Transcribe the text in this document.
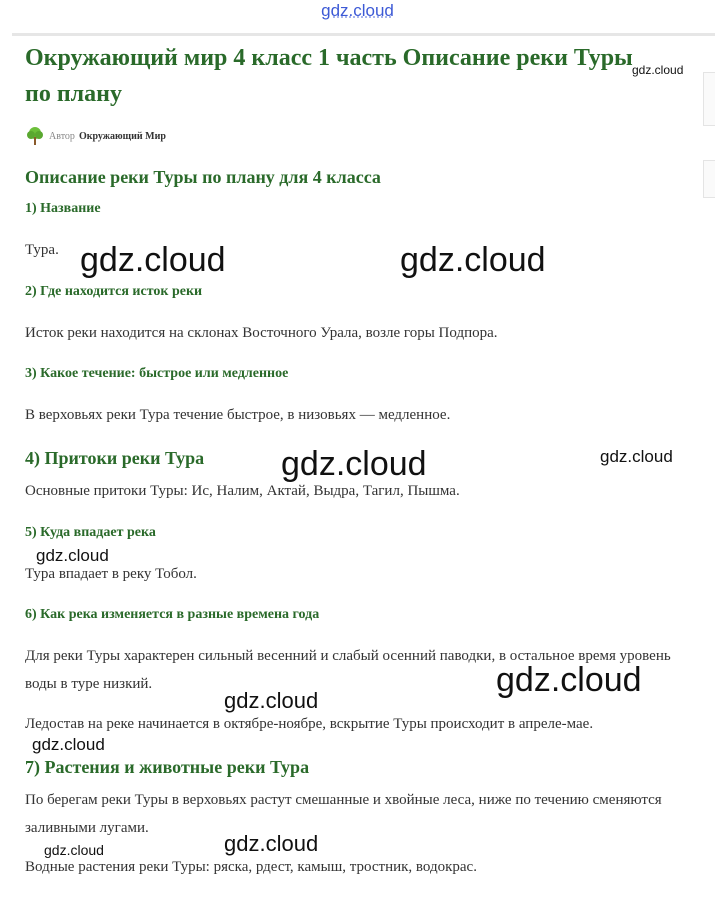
gdz.cloud
Окружающий мир 4 класс 1 часть Описание реки Туры по плану
Автор Окружающий Мир
Описание реки Туры по плану для 4 класса
1) Название

Тура.

2) Где находится исток реки

Исток реки находится на склонах Восточного Урала, возле горы Подпора.

3) Какое течение: быстрое или медленное

В верховьях реки Тура течение быстрое, в низовьях — медленное.

4) Притоки реки Тура

Основные притоки Туры: Ис, Налим, Актай, Выдра, Тагил, Пышма.

5) Куда впадает река

Тура впадает в реку Тобол.

6) Как река изменяется в разные времена года

Для реки Туры характерен сильный весенний и слабый осенний паводки, в остальное время уровень воды в туре низкий.

Ледостав на реке начинается в октябре-ноябре, вскрытие Туры происходит в апреле-мае.

7) Растения и животные реки Тура

По берегам реки Туры в верховьях растут смешанные и хвойные леса, ниже по течению сменяются заливными лугами.

Водные растения реки Туры: ряска, рдест, камыш, тростник, водокрас.

gdz.cloud
gdz.cloud	gdz.cloud
gdz.cloud	gdz.cloud
gdz.cloud
gdz.cloud
gdz.cloud
gdz.cloud
gdz.cloud
gdz.cloud
